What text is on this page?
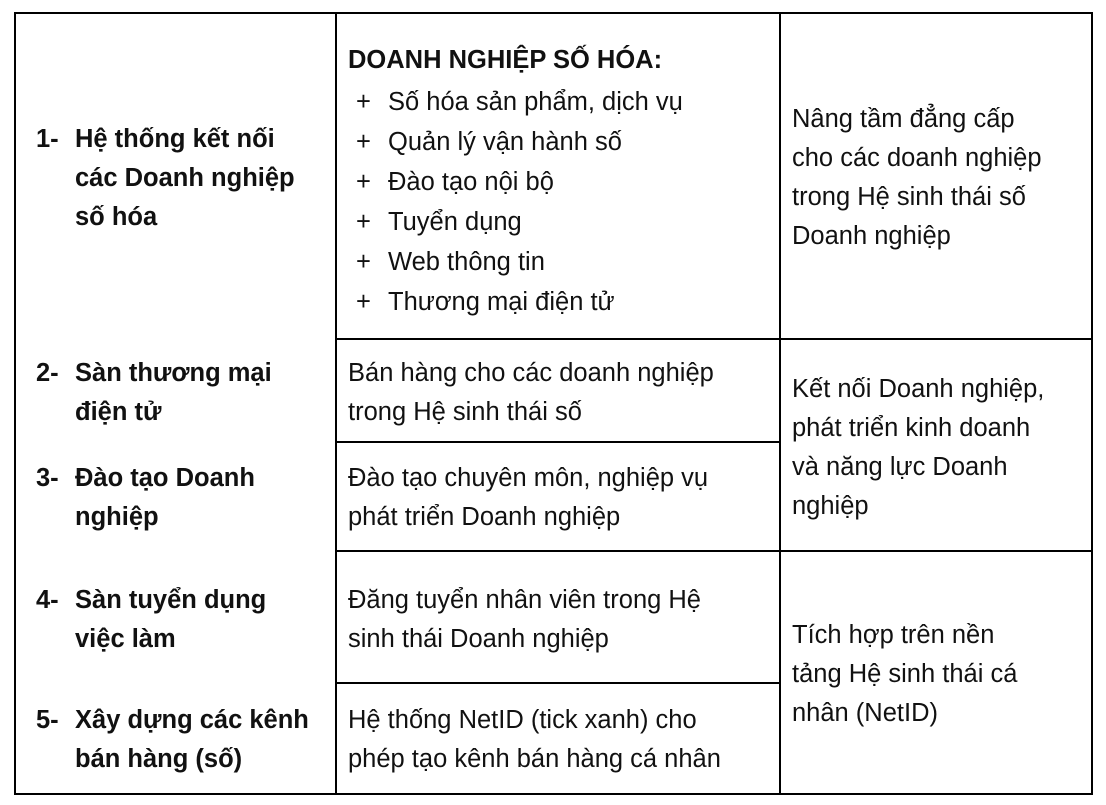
1- Hệ thống kết nối
các Doanh nghiệp
số hóa
2- Sàn thương mại
điện tử
3- Đào tạo Doanh
nghiệp
4- Sàn tuyển dụng
việc làm
5- Xây dựng các kênh
bán hàng (số)
DOANH NGHIỆP SỐ HÓA:
+ Số hóa sản phẩm, dịch vụ
+ Quản lý vận hành số
+ Đào tạo nội bộ
+ Tuyển dụng
+ Web thông tin
+ Thương mại điện tử
Bán hàng cho các doanh nghiệp
trong Hệ sinh thái số
Đào tạo chuyên môn, nghiệp vụ
phát triển Doanh nghiệp
Đăng tuyển nhân viên trong Hệ
sinh thái Doanh nghiệp
Hệ thống NetID (tick xanh) cho
phép tạo kênh bán hàng cá nhân
Nâng tầm đẳng cấp
cho các doanh nghiệp
trong Hệ sinh thái số
Doanh nghiệp
Kết nối Doanh nghiệp,
phát triển kinh doanh
và năng lực Doanh
nghiệp
Tích hợp trên nền
tảng Hệ sinh thái cá
nhân (NetID)
